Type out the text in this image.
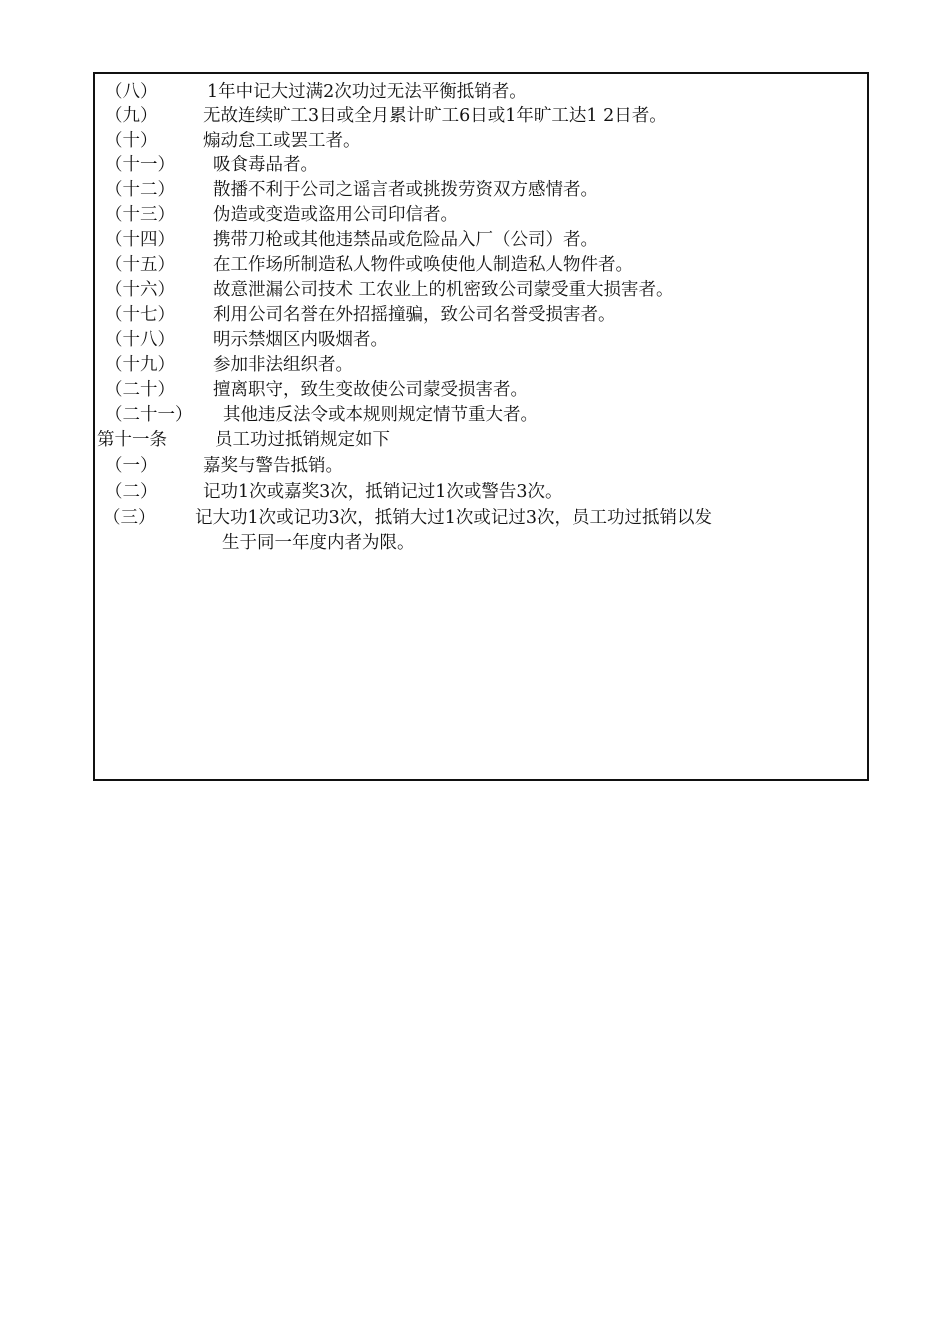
（八）	1年中记大过满2次功过无法平衡抵销者。
（九）	无故连续旷工3日或全月累计旷工6日或1年旷工达1 2日者。
（十）	煽动怠工或罢工者。
（十一） 吸食毒品者。
（十二） 散播不利于公司之谣言者或挑拨劳资双方感情者。
（十三） 伪造或变造或盗用公司印信者。
（十四） 携带刀枪或其他违禁品或危险品入厂（公司）者。
（十五） 在工作场所制造私人物件或唤使他人制造私人物件者。
（十六） 故意泄漏公司技术 工农业上的机密致公司蒙受重大损害者。
（十七） 利用公司名誉在外招摇撞骗，致公司名誉受损害者。
（十八） 明示禁烟区内吸烟者。
（十九） 参加非法组织者。
（二十） 擅离职守，致生变故使公司蒙受损害者。
（二十一） 其他违反法令或本规则规定情节重大者。
第十一条	员工功过抵销规定如下
（一）	嘉奖与警告抵销。
（二）	记功1次或嘉奖3次，抵销记过1次或警告3次。
（三） 记大功1次或记功3次，抵销大过1次或记过3次，员工功过抵销以发
生于同一年度内者为限。
